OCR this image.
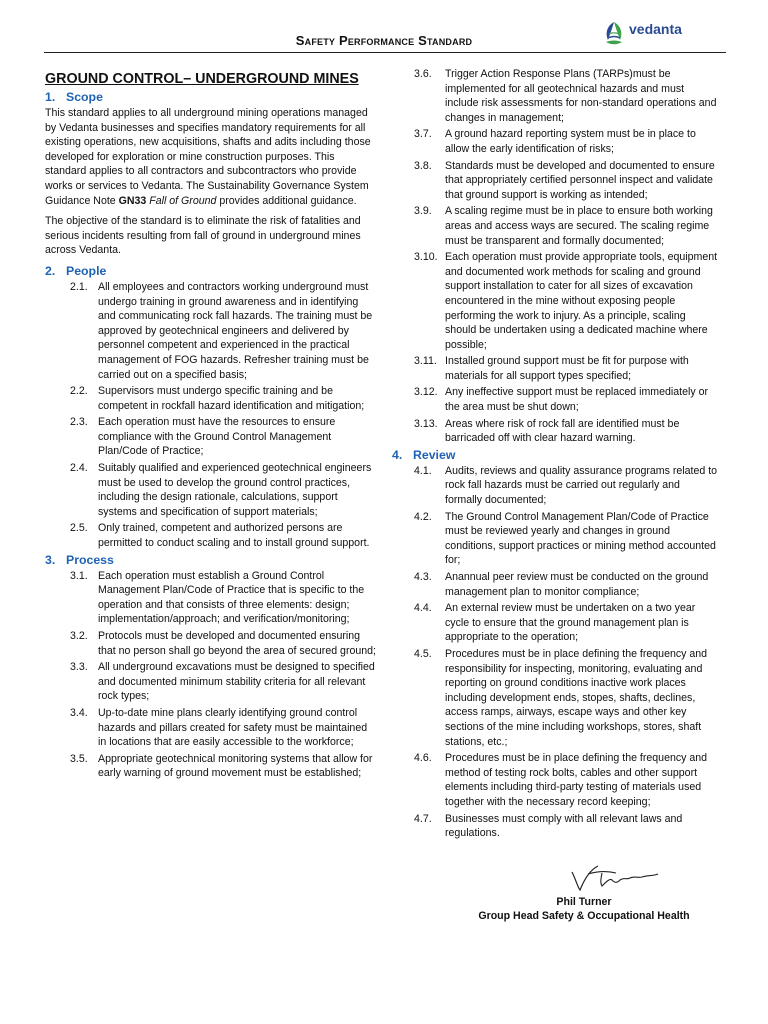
Safety Performance Standard
vedanta
GROUND CONTROL– UNDERGROUND MINES
1. Scope

This standard applies to all underground mining operations managed by Vedanta businesses and specifies mandatory requirements for all existing operations, new acquisitions, shafts and adits including those developed for exploration or mine construction purposes. This standard applies to all contractors and subcontractors who provide works or services to Vedanta. The Sustainability Governance System Guidance Note GN33 Fall of Ground provides additional guidance.

The objective of the standard is to eliminate the risk of fatalities and serious incidents resulting from fall of ground in underground mines across Vedanta.

2. People
2.1. All employees and contractors working underground must undergo training in ground awareness and in identifying and communicating rock fall hazards. The training must be approved by geotechnical engineers and delivered by personnel competent and experienced in the practical management of FOG hazards. Refresher training must be carried out on a specified basis;
2.2. Supervisors must undergo specific training and be competent in rockfall hazard identification and mitigation;
2.3. Each operation must have the resources to ensure compliance with the Ground Control Management Plan/Code of Practice;
2.4. Suitably qualified and experienced geotechnical engineers must be used to develop the ground control practices, including the design rationale, calculations, support systems and specification of support materials;
2.5. Only trained, competent and authorized persons are permitted to conduct scaling and to install ground support.
3. Process
3.1. Each operation must establish a Ground Control Management Plan/Code of Practice that is specific to the operation and that consists of three elements: design; implementation/approach; and verification/monitoring;
3.2. Protocols must be developed and documented ensuring that no person shall go beyond the area of secured ground;
3.3. All underground excavations must be designed to specified and documented minimum stability criteria for all relevant rock types;
3.4. Up-to-date mine plans clearly identifying ground control hazards and pillars created for safety must be maintained in locations that are easily accessible to the workforce;
3.5. Appropriate geotechnical monitoring systems that allow for early warning of ground movement must be established;
3.6. Trigger Action Response Plans (TARPs)must be implemented for all geotechnical hazards and must include risk assessments for non-standard operations and changes in management;
3.7. A ground hazard reporting system must be in place to allow the early identification of risks;
3.8. Standards must be developed and documented to ensure that appropriately certified personnel inspect and validate that ground support is working as intended;
3.9. A scaling regime must be in place to ensure both working areas and access ways are secured. The scaling regime must be transparent and formally documented;
3.10. Each operation must provide appropriate tools, equipment and documented work methods for scaling and ground support installation to cater for all sizes of excavation encountered in the mine without exposing people performing the work to injury. As a principle, scaling should be undertaken using a dedicated machine where possible;
3.11. Installed ground support must be fit for purpose with materials for all support types specified;
3.12. Any ineffective support must be replaced immediately or the area must be shut down;
3.13. Areas where risk of rock fall are identified must be barricaded off with clear hazard warning.
4. Review
4.1. Audits, reviews and quality assurance programs related to rock fall hazards must be carried out regularly and formally documented;
4.2. The Ground Control Management Plan/Code of Practice must be reviewed yearly and changes in ground conditions, support practices or mining method accounted for;
4.3. Anannual peer review must be conducted on the ground management plan to monitor compliance;
4.4. An external review must be undertaken on a two year cycle to ensure that the ground management plan is appropriate to the operation;
4.5. Procedures must be in place defining the frequency and responsibility for inspecting, monitoring, evaluating and reporting on ground conditions inactive work places including development ends, stopes, shafts, declines, access ramps, airways, escape ways and other key sections of the mine including workshops, stores, shaft stations, etc.;
4.6. Procedures must be in place defining the frequency and method of testing rock bolts, cables and other support elements including third-party testing of materials used together with the necessary record keeping;
4.7. Businesses must comply with all relevant laws and regulations.
Phil Turner
Group Head Safety & Occupational Health
